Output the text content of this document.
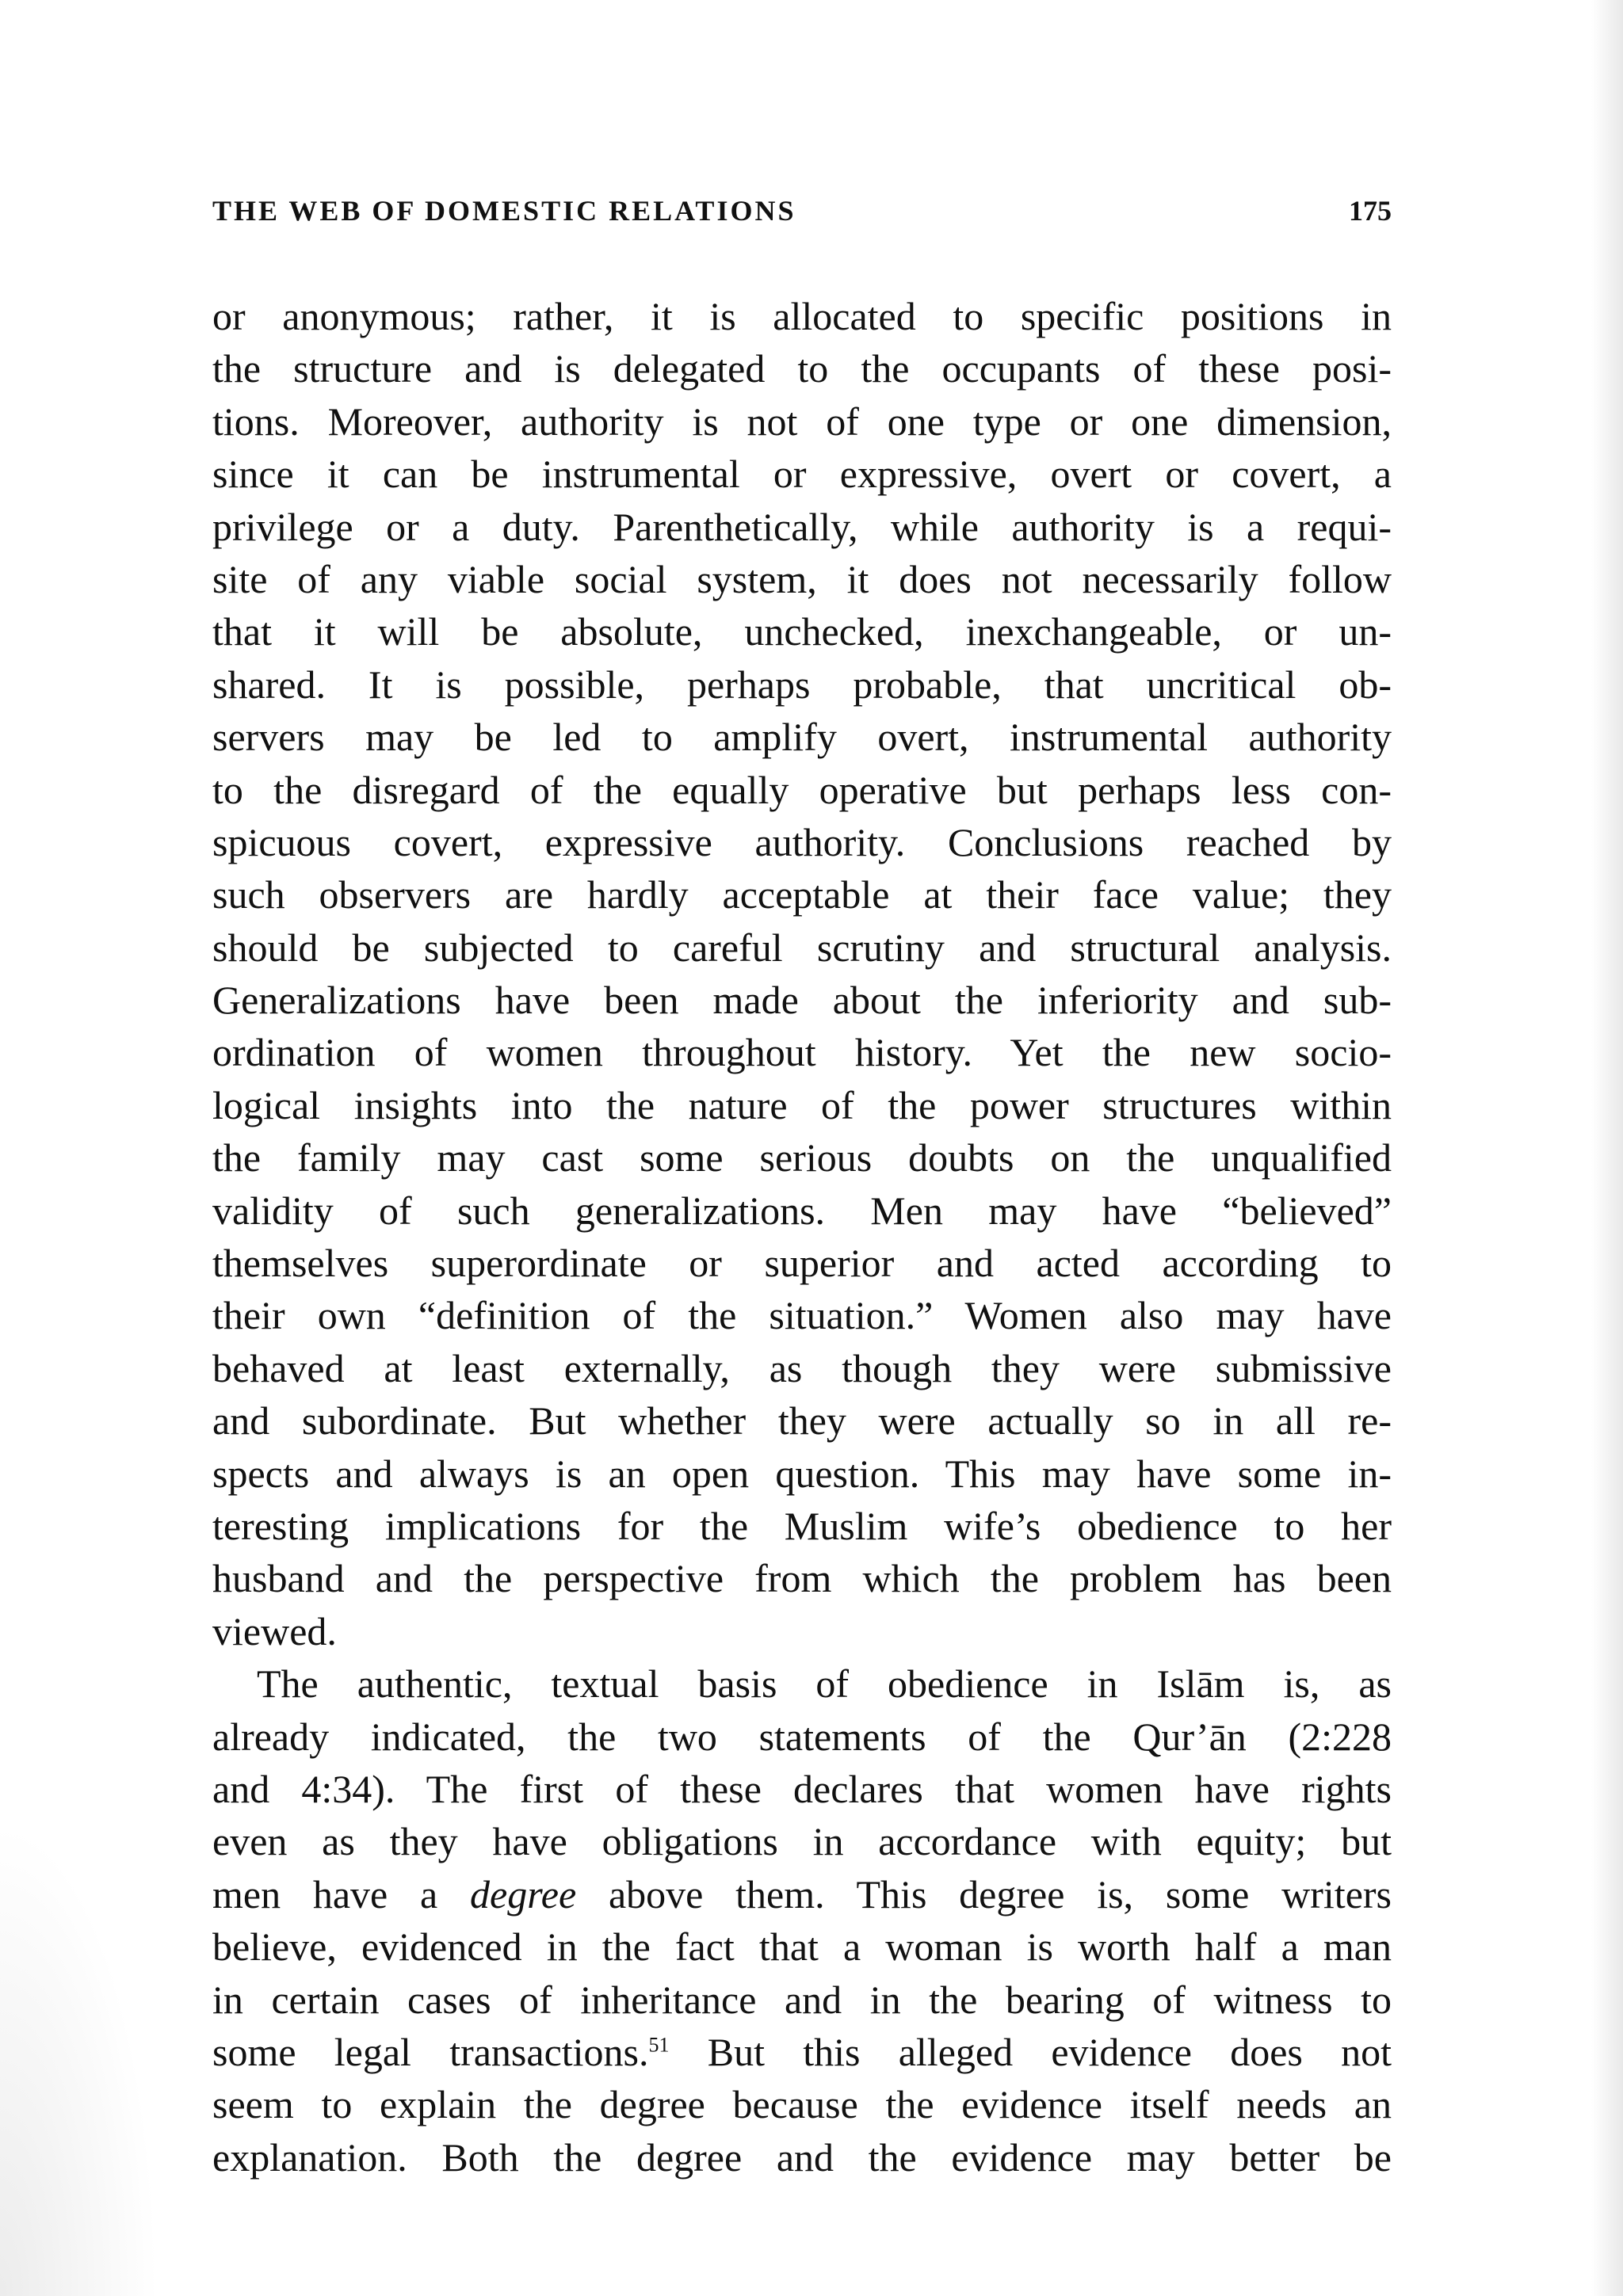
THE WEB OF DOMESTIC RELATIONS	175
or anonymous; rather, it is allocated to specific positions in
the structure and is delegated to the occupants of these posi-
tions. Moreover, authority is not of one type or one dimension,
since it can be instrumental or expressive, overt or covert, a
privilege or a duty. Parenthetically, while authority is a requi-
site of any viable social system, it does not necessarily follow
that it will be absolute, unchecked, inexchangeable, or un-
shared. It is possible, perhaps probable, that uncritical ob-
servers may be led to amplify overt, instrumental authority
to the disregard of the equally operative but perhaps less con-
spicuous covert, expressive authority. Conclusions reached by
such observers are hardly acceptable at their face value; they
should be subjected to careful scrutiny and structural analysis.
Generalizations have been made about the inferiority and sub-
ordination of women throughout history. Yet the new socio-
logical insights into the nature of the power structures within
the family may cast some serious doubts on the unqualified
validity of such generalizations. Men may have “believed”
themselves superordinate or superior and acted according to
their own “definition of the situation.” Women also may have
behaved at least externally, as though they were submissive
and subordinate. But whether they were actually so in all re-
spects and always is an open question. This may have some in-
teresting implications for the Muslim wife’s obedience to her
husband and the perspective from which the problem has been
viewed.
The authentic, textual basis of obedience in Islām is, as
already indicated, the two statements of the Qur’ān (2:228
and 4:34). The first of these declares that women have rights
even as they have obligations in accordance with equity; but
men have a degree above them. This degree is, some writers
believe, evidenced in the fact that a woman is worth half a man
in certain cases of inheritance and in the bearing of witness to
some legal transactions.$^{51}$ But this alleged evidence does not
seem to explain the degree because the evidence itself needs an
explanation. Both the degree and the evidence may better be
